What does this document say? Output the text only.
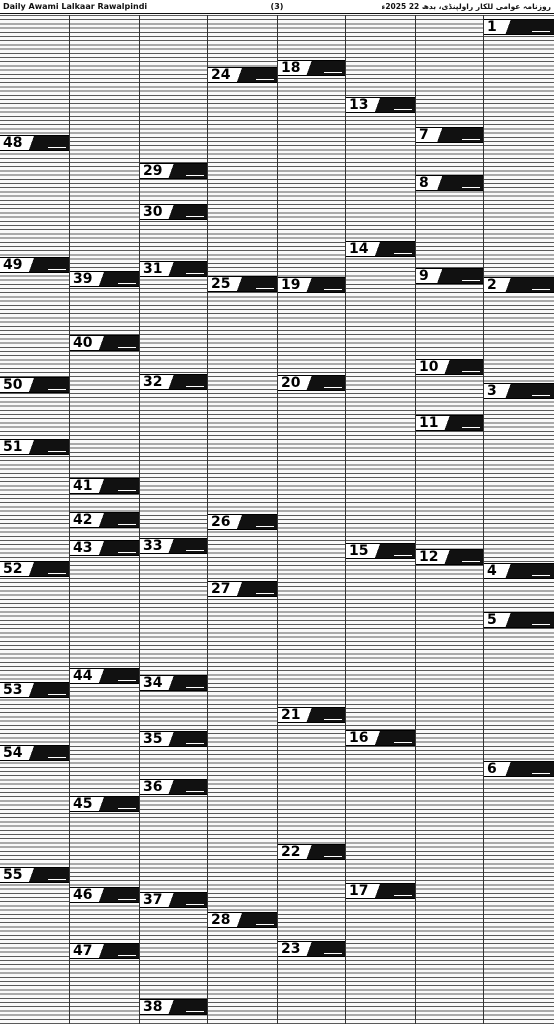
Daily Awami Lalkaar Rawalpindi	(3)	روزنامہ عوامی للکار راولپنڈی، بدھ 22 2025ء
48
49
50
51
52
53
54
55
39
40
41
42
43
44
45
46
47
29
30
31
32
33
34
35
36
37
38
24
25
26
27
28
18
19
20
21
22
23
13
14
15
16
17
7
8
9
10
11
12
1
2
3
4
5
6
